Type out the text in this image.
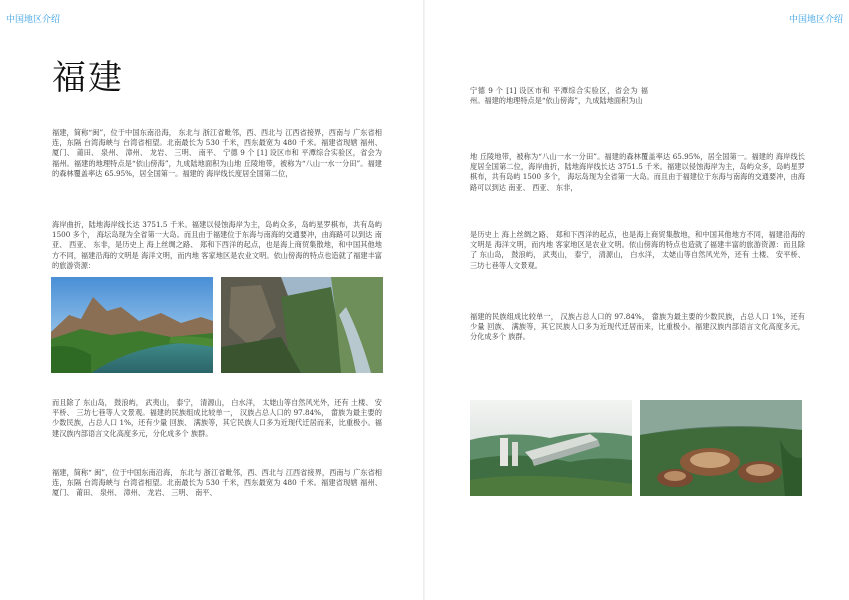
中国地区介绍
福建

福建，简称“闽”，位于中国东南沿海， 东北与 浙江省毗邻，西、西北与 江西省接界，西南与 广东省相连，东隔 台湾海峡与 台湾省相望。北南最长为 530 千米，西东最宽为 480 千米。福建省现辖 福州、 厦门、 莆田、 泉州、 漳州、 龙岩、 三明、 南平、 宁德 9 个 [1] 设区市和 平潭综合实验区，省会为 福州。福建的地理特点是“依山傍海”，九成陆地面积为山地 丘陵地带，被称为“八山一水一分田”。福建的森林覆盖率达 65.95%，居全国第一。福建的 海岸线长度居全国第二位，

海岸曲折，陆地海岸线长达 3751.5 千米。福建以侵蚀海岸为主，岛屿众多，岛屿星罗棋布，共有岛屿 1500 多个， 海坛岛现为全省第一大岛。而且由于福建位于东海与南海的交通要冲，由海路可以到达 南亚、 西亚、 东非，是历史上 海上丝绸之路、 郑和下西洋的起点，也是海上商贸集散地，和中国其他地方不同，福建沿海的文明是 海洋文明，而内地 客家地区是农业文明。依山傍海的特点也造就了福建丰富的旅游资源：

而且除了 东山岛， 鼓浪屿， 武夷山， 泰宁， 清源山， 白水洋， 太姥山等自然风光外，还有 土楼、 安平桥、 三坊七巷等人文景观。福建的民族组成比较单一， 汉族占总人口的 97.84%， 畲族为最主要的少数民族，占总人口 1%，还有少量 回族、 满族等，其它民族人口多为近现代迁居而来，比重极小。福建汉族内部语言文化高度多元，分化成多个 族群。

福建，简称“ 闽”，位于中国东南沿海， 东北与 浙江省毗邻，西、西北与 江西省接界，西南与 广东省相连，东隔 台湾海峡与 台湾省相望。北南最长为 530 千米，西东最宽为 480 千米。福建省现辖 福州、 厦门、 莆田、 泉州、 漳州、 龙岩、 三明、 南平、

中国地区介绍

宁德 9 个 [1] 设区市和 平潭综合实验区，省会为 福州。福建的地理特点是“依山傍海”，九成陆地面积为山

地 丘陵地带，被称为“八山一水一分田”。福建的森林覆盖率达 65.95%，居全国第一。福建的 海岸线长度居全国第二位，海岸曲折，陆地海岸线长达 3751.5 千米。福建以侵蚀海岸为主，岛屿众多，岛屿星罗棋布，共有岛屿 1500 多个， 海坛岛现为全省第一大岛。而且由于福建位于东海与南海的交通要冲，由海路可以到达 南亚、 西亚、 东非，

是历史上 海上丝绸之路、 郑和下西洋的起点，也是海上商贸集散地，和中国其他地方不同，福建沿海的文明是 海洋文明，而内地 客家地区是农业文明。依山傍海的特点也造就了福建丰富的旅游资源：而且除了 东山岛， 鼓浪屿， 武夷山， 泰宁， 清源山， 白水洋， 太姥山等自然风光外，还有 土楼、 安平桥、 三坊七巷等人文景观。

福建的民族组成比较单一， 汉族占总人口的 97.84%， 畲族为最主要的少数民族，占总人口 1%，还有少量 回族、 满族等，其它民族人口多为近现代迁居而来，比重极小。福建汉族内部语言文化高度多元，分化成多个 族群。
